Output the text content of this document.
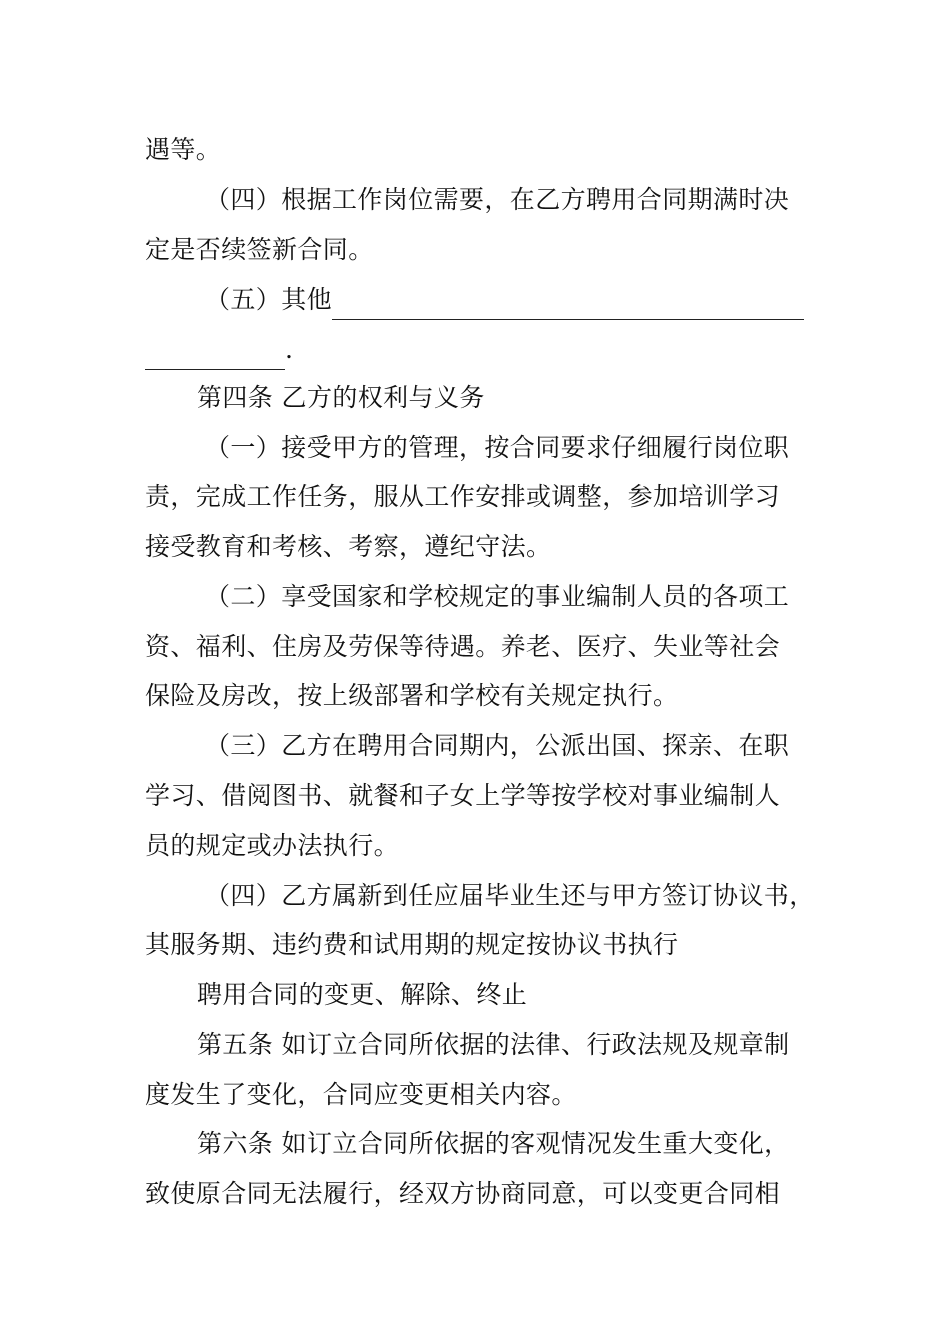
遇等。
（四）根据工作岗位需要，在乙方聘用合同期满时决
定是否续签新合同。
（五）其他
.
第四条 乙方的权利与义务
（一）接受甲方的管理，按合同要求仔细履行岗位职
责，完成工作任务，服从工作安排或调整，参加培训学习
接受教育和考核、考察，遵纪守法。
（二）享受国家和学校规定的事业编制人员的各项工
资、福利、住房及劳保等待遇。养老、医疗、失业等社会
保险及房改，按上级部署和学校有关规定执行。
（三）乙方在聘用合同期内，公派出国、探亲、在职
学习、借阅图书、就餐和子女上学等按学校对事业编制人
员的规定或办法执行。
（四）乙方属新到任应届毕业生还与甲方签订协议书，
其服务期、违约费和试用期的规定按协议书执行
聘用合同的变更、解除、终止
第五条 如订立合同所依据的法律、行政法规及规章制
度发生了变化，合同应变更相关内容。
第六条 如订立合同所依据的客观情况发生重大变化，
致使原合同无法履行，经双方协商同意，可以变更合同相
